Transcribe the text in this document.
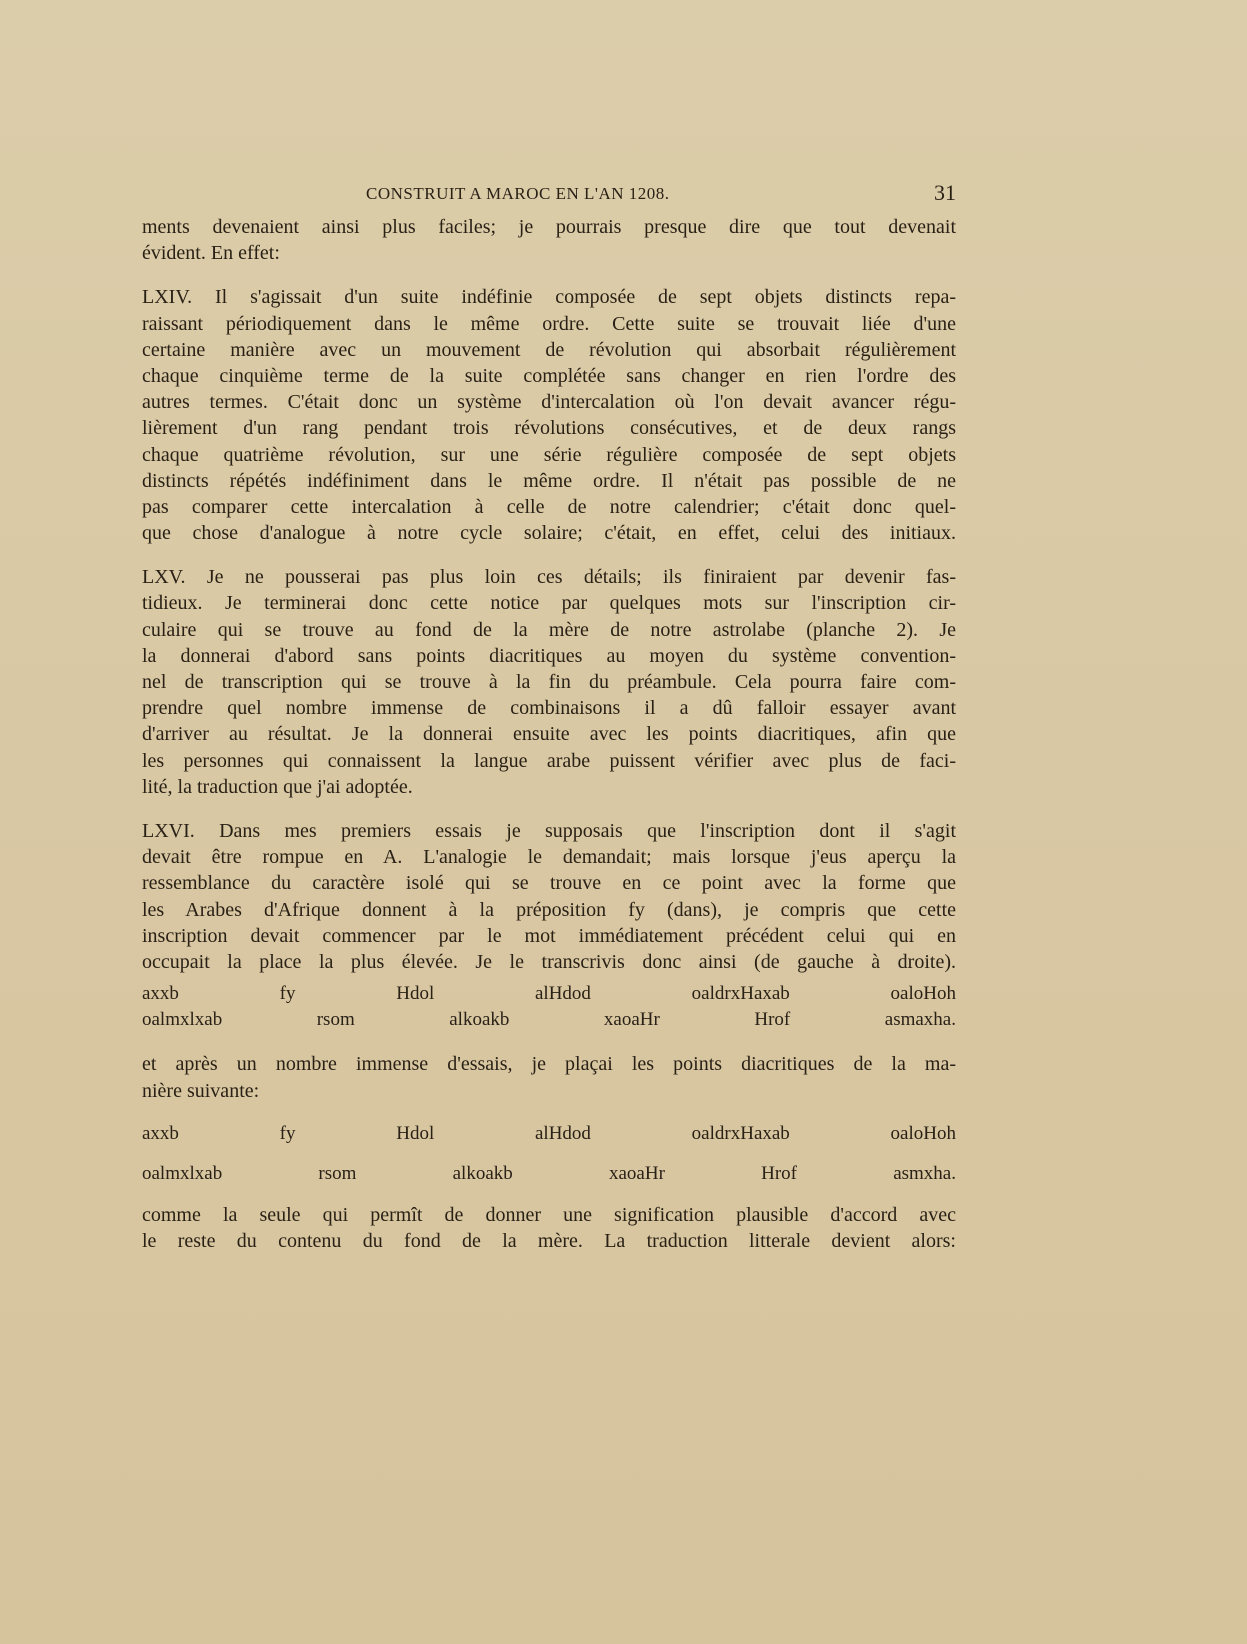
CONSTRUIT A MAROC EN L'AN 1208.	31
ments devenaient ainsi plus faciles; je pourrais presque dire que tout devenait
évident. En effet:
LXIV. Il s'agissait d'un suite indéfinie composée de sept objets distincts repa-
raissant périodiquement dans le même ordre. Cette suite se trouvait liée d'une
certaine manière avec un mouvement de révolution qui absorbait régulièrement
chaque cinquième terme de la suite complétée sans changer en rien l'ordre des
autres termes. C'était donc un système d'intercalation où l'on devait avancer régu-
lièrement d'un rang pendant trois révolutions consécutives, et de deux rangs
chaque quatrième révolution, sur une série régulière composée de sept objets
distincts répétés indéfiniment dans le même ordre. Il n'était pas possible de ne
pas comparer cette intercalation à celle de notre calendrier; c'était donc quel-
que chose d'analogue à notre cycle solaire; c'était, en effet, celui des initiaux.
LXV. Je ne pousserai pas plus loin ces détails; ils finiraient par devenir fas-
tidieux. Je terminerai donc cette notice par quelques mots sur l'inscription cir-
culaire qui se trouve au fond de la mère de notre astrolabe (planche 2). Je
la donnerai d'abord sans points diacritiques au moyen du système convention-
nel de transcription qui se trouve à la fin du préambule. Cela pourra faire com-
prendre quel nombre immense de combinaisons il a dû falloir essayer avant
d'arriver au résultat. Je la donnerai ensuite avec les points diacritiques, afin que
les personnes qui connaissent la langue arabe puissent vérifier avec plus de faci-
lité, la traduction que j'ai adoptée.
LXVI. Dans mes premiers essais je supposais que l'inscription dont il s'agit
devait être rompue en A. L'analogie le demandait; mais lorsque j'eus aperçu la
ressemblance du caractère isolé qui se trouve en ce point avec la forme que
les Arabes d'Afrique donnent à la préposition fy (dans), je compris que cette
inscription devait commencer par le mot immédiatement précédent celui qui en
occupait la place la plus élevée. Je le transcrivis donc ainsi (de gauche à droite).
axxb   fy   Hdol   alHdod   oaldrxHaxab   oaloHoh
oalmxlxab   rsom   alkoakb   xaoaHr   Hrof   asmaxha.
et après un nombre immense d'essais, je plaçai les points diacritiques de la ma-
nière suivante:
axxb   fy   Hdol   alHdod   oaldrxHaxab   oaloHoh
oalmxlxab   rsom   alkoakb   xaoaHr   Hrof   asmxha.
comme la seule qui permît de donner une signification plausible d'accord avec
le reste du contenu du fond de la mère. La traduction litterale devient alors:
